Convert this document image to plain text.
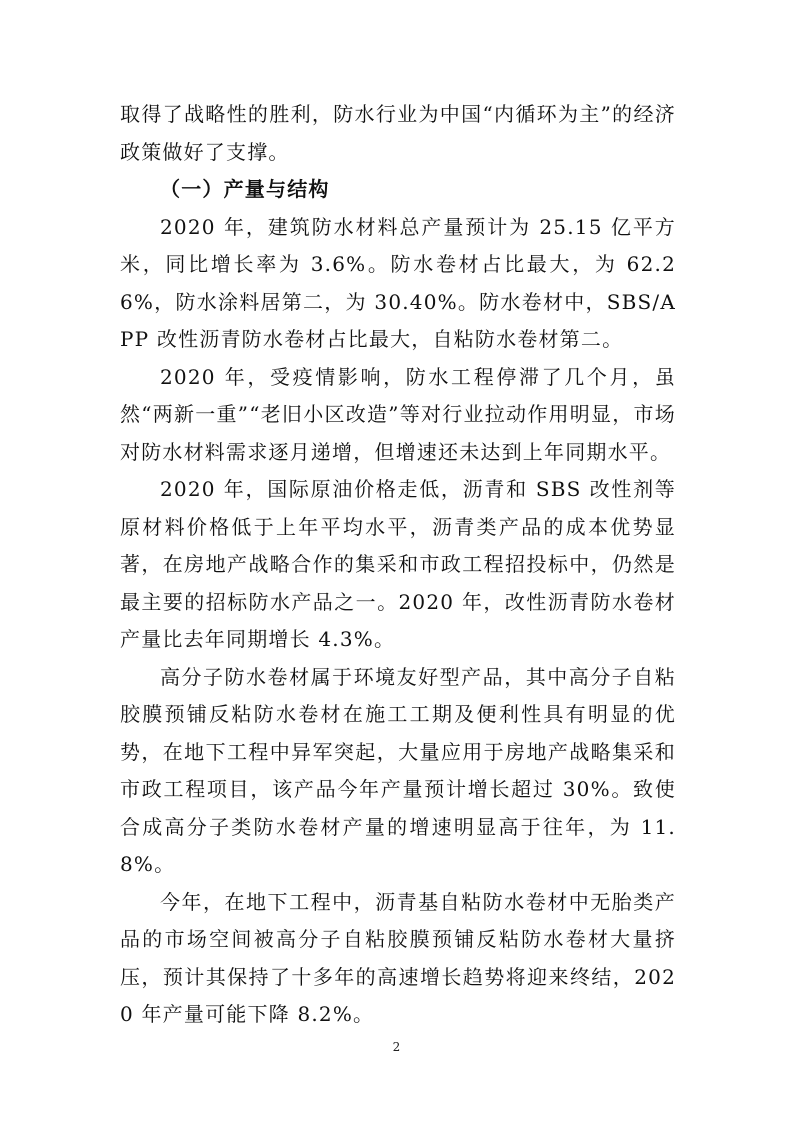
取得了战略性的胜利，防水行业为中国“内循环为主”的经济政策做好了支撑。

（一）产量与结构

2020 年，建筑防水材料总产量预计为 25.15 亿平方米，同比增长率为 3.6%。防水卷材占比最大，为 62.26%，防水涂料居第二，为 30.40%。防水卷材中，SBS/APP 改性沥青防水卷材占比最大，自粘防水卷材第二。

2020 年，受疫情影响，防水工程停滞了几个月，虽然“两新一重”“老旧小区改造”等对行业拉动作用明显，市场对防水材料需求逐月递增，但增速还未达到上年同期水平。

2020 年，国际原油价格走低，沥青和 SBS 改性剂等原材料价格低于上年平均水平，沥青类产品的成本优势显著，在房地产战略合作的集采和市政工程招投标中，仍然是最主要的招标防水产品之一。2020 年，改性沥青防水卷材产量比去年同期增长 4.3%。

高分子防水卷材属于环境友好型产品，其中高分子自粘胶膜预铺反粘防水卷材在施工工期及便利性具有明显的优势，在地下工程中异军突起，大量应用于房地产战略集采和市政工程项目，该产品今年产量预计增长超过 30%。致使合成高分子类防水卷材产量的增速明显高于往年，为 11.8%。

今年，在地下工程中，沥青基自粘防水卷材中无胎类产品的市场空间被高分子自粘胶膜预铺反粘防水卷材大量挤压，预计其保持了十多年的高速增长趋势将迎来终结，2020 年产量可能下降 8.2%。

2
